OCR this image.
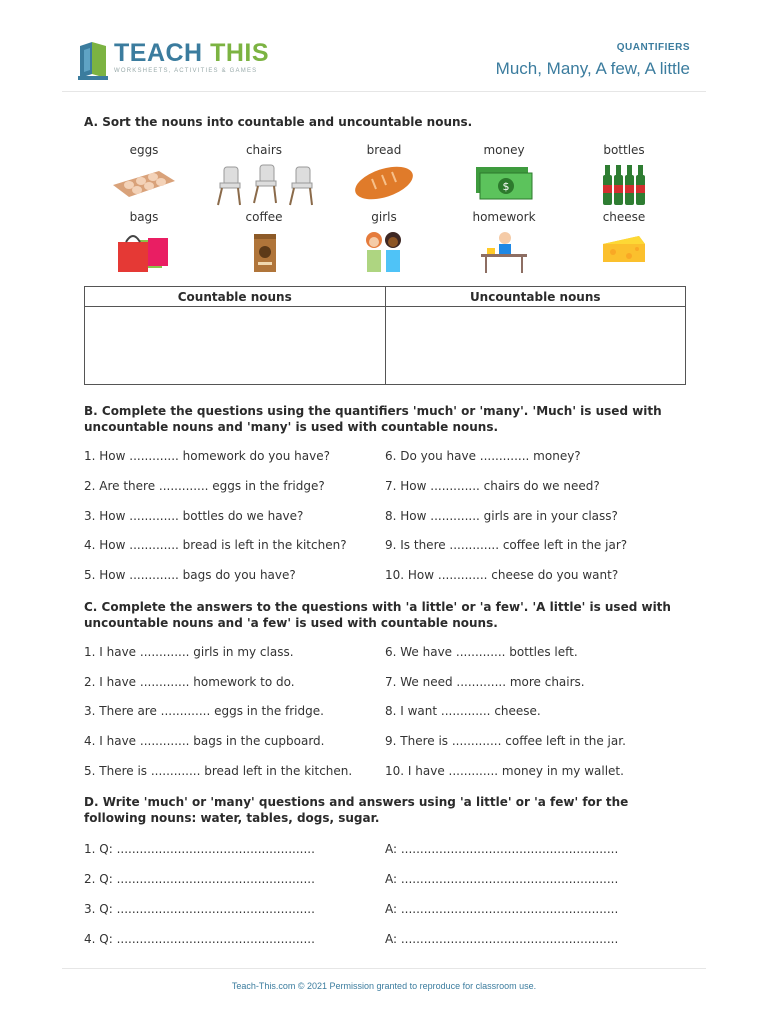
TEACH THIS
WORKSHEETS, ACTIVITIES & GAMES
QUANTIFIERS
Much, Many, A few, A little
A. Sort the nouns into countable and uncountable nouns.
eggs	chairs	bread	money
$
bottles
bags	coffee	girls	homework	cheese
Countable nouns	Uncountable nouns

B. Complete the questions using the quantifiers 'much' or 'many'. 'Much' is used with uncountable nouns and 'many' is used with countable nouns.
1. How ............. homework do you have?	6. Do you have ............. money?
2. Are there ............. eggs in the fridge?	7. How ............. chairs do we need?
3. How ............. bottles do we have?	8. How ............. girls are in your class?
4. How ............. bread is left in the kitchen?	9. Is there ............. coffee left in the jar?
5. How ............. bags do you have?	10. How ............. cheese do you want?
C. Complete the answers to the questions with 'a little' or 'a few'. 'A little' is used with uncountable nouns and 'a few' is used with countable nouns.
1. I have ............. girls in my class.	6. We have ............. bottles left.
2. I have ............. homework to do.	7. We need ............. more chairs.
3. There are ............. eggs in the fridge.	8. I want ............. cheese.
4. I have ............. bags in the cupboard.	9. There is ............. coffee left in the jar.
5. There is ............. bread left in the kitchen.	10. I have ............. money in my wallet.
D. Write 'much' or 'many' questions and answers using 'a little' or 'a few' for the following nouns: water, tables, dogs, sugar.
1. Q: ....................................................	A: .........................................................
2. Q: ....................................................	A: .........................................................
3. Q: ....................................................	A: .........................................................
4. Q: ....................................................	A: .........................................................
Teach-This.com © 2021 Permission granted to reproduce for classroom use.
